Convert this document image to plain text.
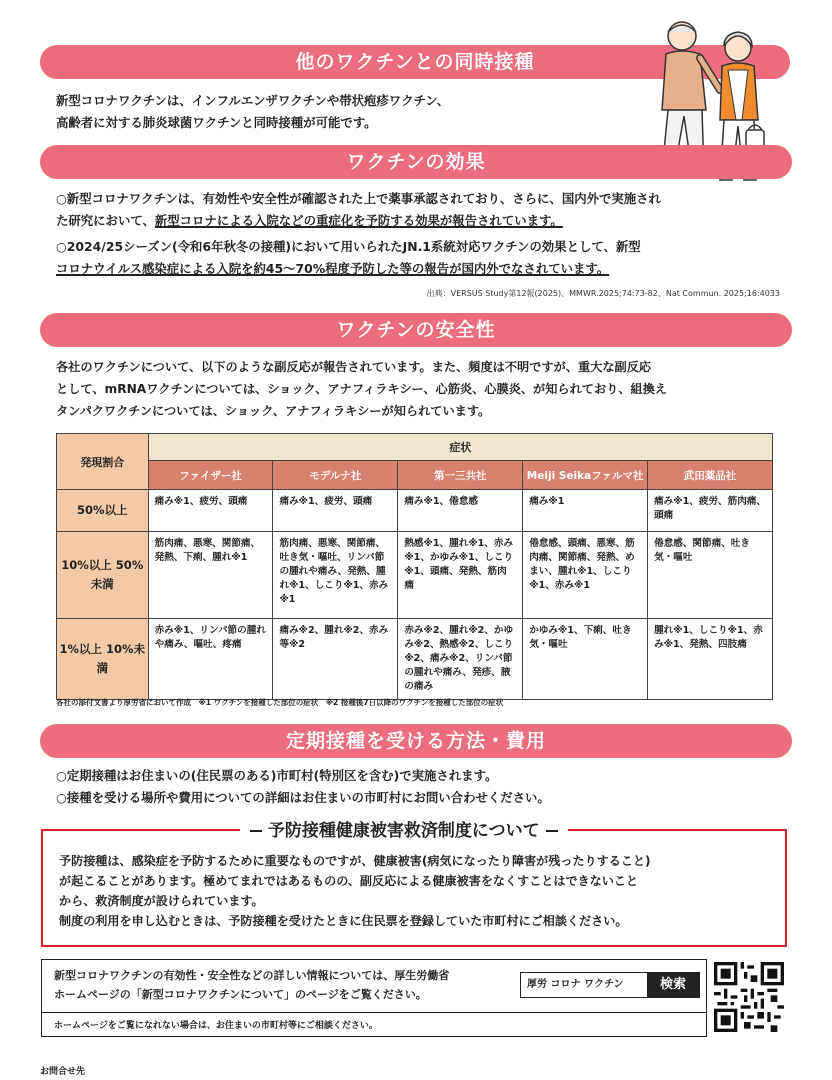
他のワクチンとの同時接種
新型コロナワクチンは、インフルエンザワクチンや帯状疱疹ワクチン、
高齢者に対する肺炎球菌ワクチンと同時接種が可能です。
ワクチンの効果
○新型コロナワクチンは、有効性や安全性が確認された上で薬事承認されており、さらに、国内外で実施され
た研究において、新型コロナによる入院などの重症化を予防する効果が報告されています。
○2024/25シーズン(令和6年秋冬の接種)において用いられたJN.1系統対応ワクチンの効果として、新型
コロナウイルス感染症による入院を約45〜70%程度予防した等の報告が国内外でなされています。
出典：VERSUS Study第12報(2025)、MMWR.2025;74:73-82、Nat Commun. 2025;16:4033
ワクチンの安全性
各社のワクチンについて、以下のような副反応が報告されています。また、頻度は不明ですが、重大な副反応
として、mRNAワクチンについては、ショック、アナフィラキシー、心筋炎、心膜炎、が知られており、組換え
タンパクワクチンについては、ショック、アナフィラキシーが知られています。
発現割合	症状				
	ファイザー社	モデルナ社	第一三共社	Meiji Seikaファルマ社	武田薬品社
50%以上	痛み※1、疲労、頭痛	痛み※1、疲労、頭痛	痛み※1、倦怠感	痛み※1	痛み※1、疲労、筋肉痛、頭痛
10%以上 50%未満	筋肉痛、悪寒、関節痛、発熱、下痢、腫れ※1	筋肉痛、悪寒、関節痛、吐き気・嘔吐、リンパ節の腫れや痛み、発熱、腫れ※1、しこり※1、赤み※1	熱感※1、腫れ※1、赤み※1、かゆみ※1、しこり※1、頭痛、発熱、筋肉痛	倦怠感、頭痛、悪寒、筋肉痛、関節痛、発熱、めまい、腫れ※1、しこり※1、赤み※1	倦怠感、関節痛、吐き気・嘔吐
1%以上 10%未満	赤み※1、リンパ節の腫れや痛み、嘔吐、疼痛	痛み※2、腫れ※2、赤み等※2	赤み※2、腫れ※2、かゆみ※2、熱感※2、しこり※2、痛み※2、リンパ節の腫れや痛み、発疹、腋の痛み	かゆみ※1、下痢、吐き気・嘔吐	腫れ※1、しこり※1、赤み※1、発熱、四肢痛
各社の添付文書より厚労省において作成　※1 ワクチンを接種した部位の症状　※2 接種後7日以降のワクチンを接種した部位の症状
定期接種を受ける方法・費用
○定期接種はお住まいの(住民票のある)市町村(特別区を含む)で実施されます。
○接種を受ける場所や費用についての詳細はお住まいの市町村にお問い合わせください。
予防接種は、感染症を予防するために重要なものですが、健康被害(病気になったり障害が残ったりすること)
が起こることがあります。極めてまれではあるものの、副反応による健康被害をなくすことはできないこと
から、救済制度が設けられています。
制度の利用を申し込むときは、予防接種を受けたときに住民票を登録していた市町村にご相談ください。
予防接種健康被害救済制度について
新型コロナワクチンの有効性・安全性などの詳しい情報については、厚生労働省
ホームページの「新型コロナワクチンについて」のページをご覧ください。
厚労 コロナ ワクチン	検索
ホームページをご覧になれない場合は、お住まいの市町村等にご相談ください。
お問合せ先
